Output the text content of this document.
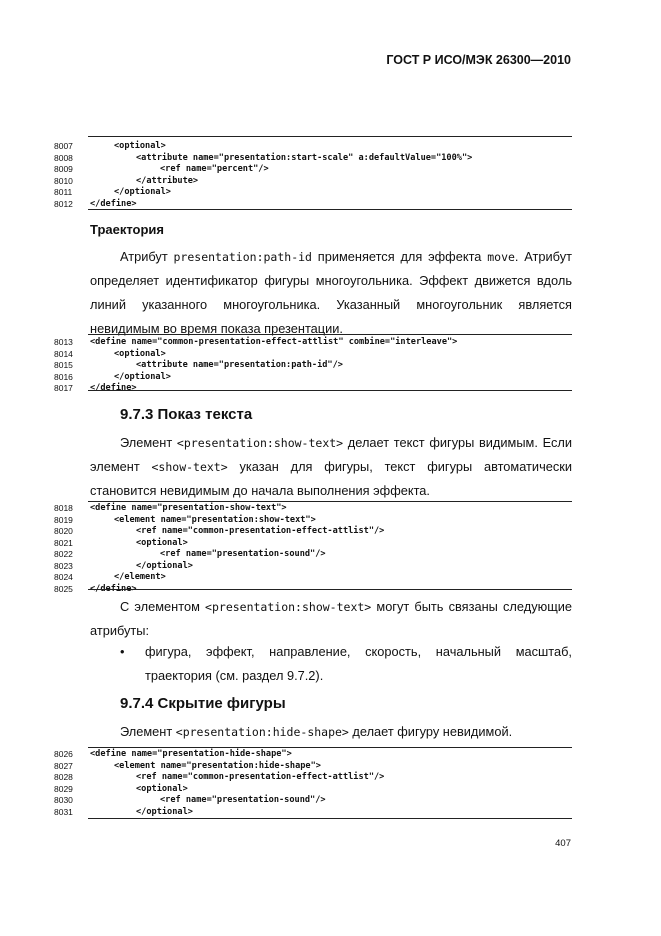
ГОСТ Р ИСО/МЭК 26300—2010
8007	<optional>
8008	<attribute name="presentation:start-scale" a:defaultValue="100%">
8009	<ref name="percent"/>
8010	</attribute>
8011	</optional>
8012 </define>
Траектория
Атрибут presentation:path-id применяется для эффекта move. Атрибут определяет идентификатор фигуры многоугольника. Эффект движется вдоль линий указанного многоугольника. Указанный многоугольник является невидимым во время показа презентации.
8013 <define name="common-presentation-effect-attlist" combine="interleave">
8014	<optional>
8015	<attribute name="presentation:path-id"/>
8016	</optional>
8017 </define>
9.7.3 Показ текста
Элемент <presentation:show-text> делает текст фигуры видимым. Если элемент <show-text> указан для фигуры, текст фигуры автоматически становится невидимым до начала выполнения эффекта.
8018 <define name="presentation-show-text">
8019	<element name="presentation:show-text">
8020	<ref name="common-presentation-effect-attlist"/>
8021	<optional>
8022	<ref name="presentation-sound"/>
8023	</optional>
8024	</element>
8025 </define>
С элементом <presentation:show-text> могут быть связаны следующие атрибуты:
• фигура, эффект, направление, скорость, начальный масштаб, траектория (см. раздел 9.7.2).
9.7.4 Скрытие фигуры
Элемент <presentation:hide-shape> делает фигуру невидимой.
8026 <define name="presentation-hide-shape">
8027	<element name="presentation:hide-shape">
8028	<ref name="common-presentation-effect-attlist"/>
8029	<optional>
8030	<ref name="presentation-sound"/>
8031	</optional>
407
